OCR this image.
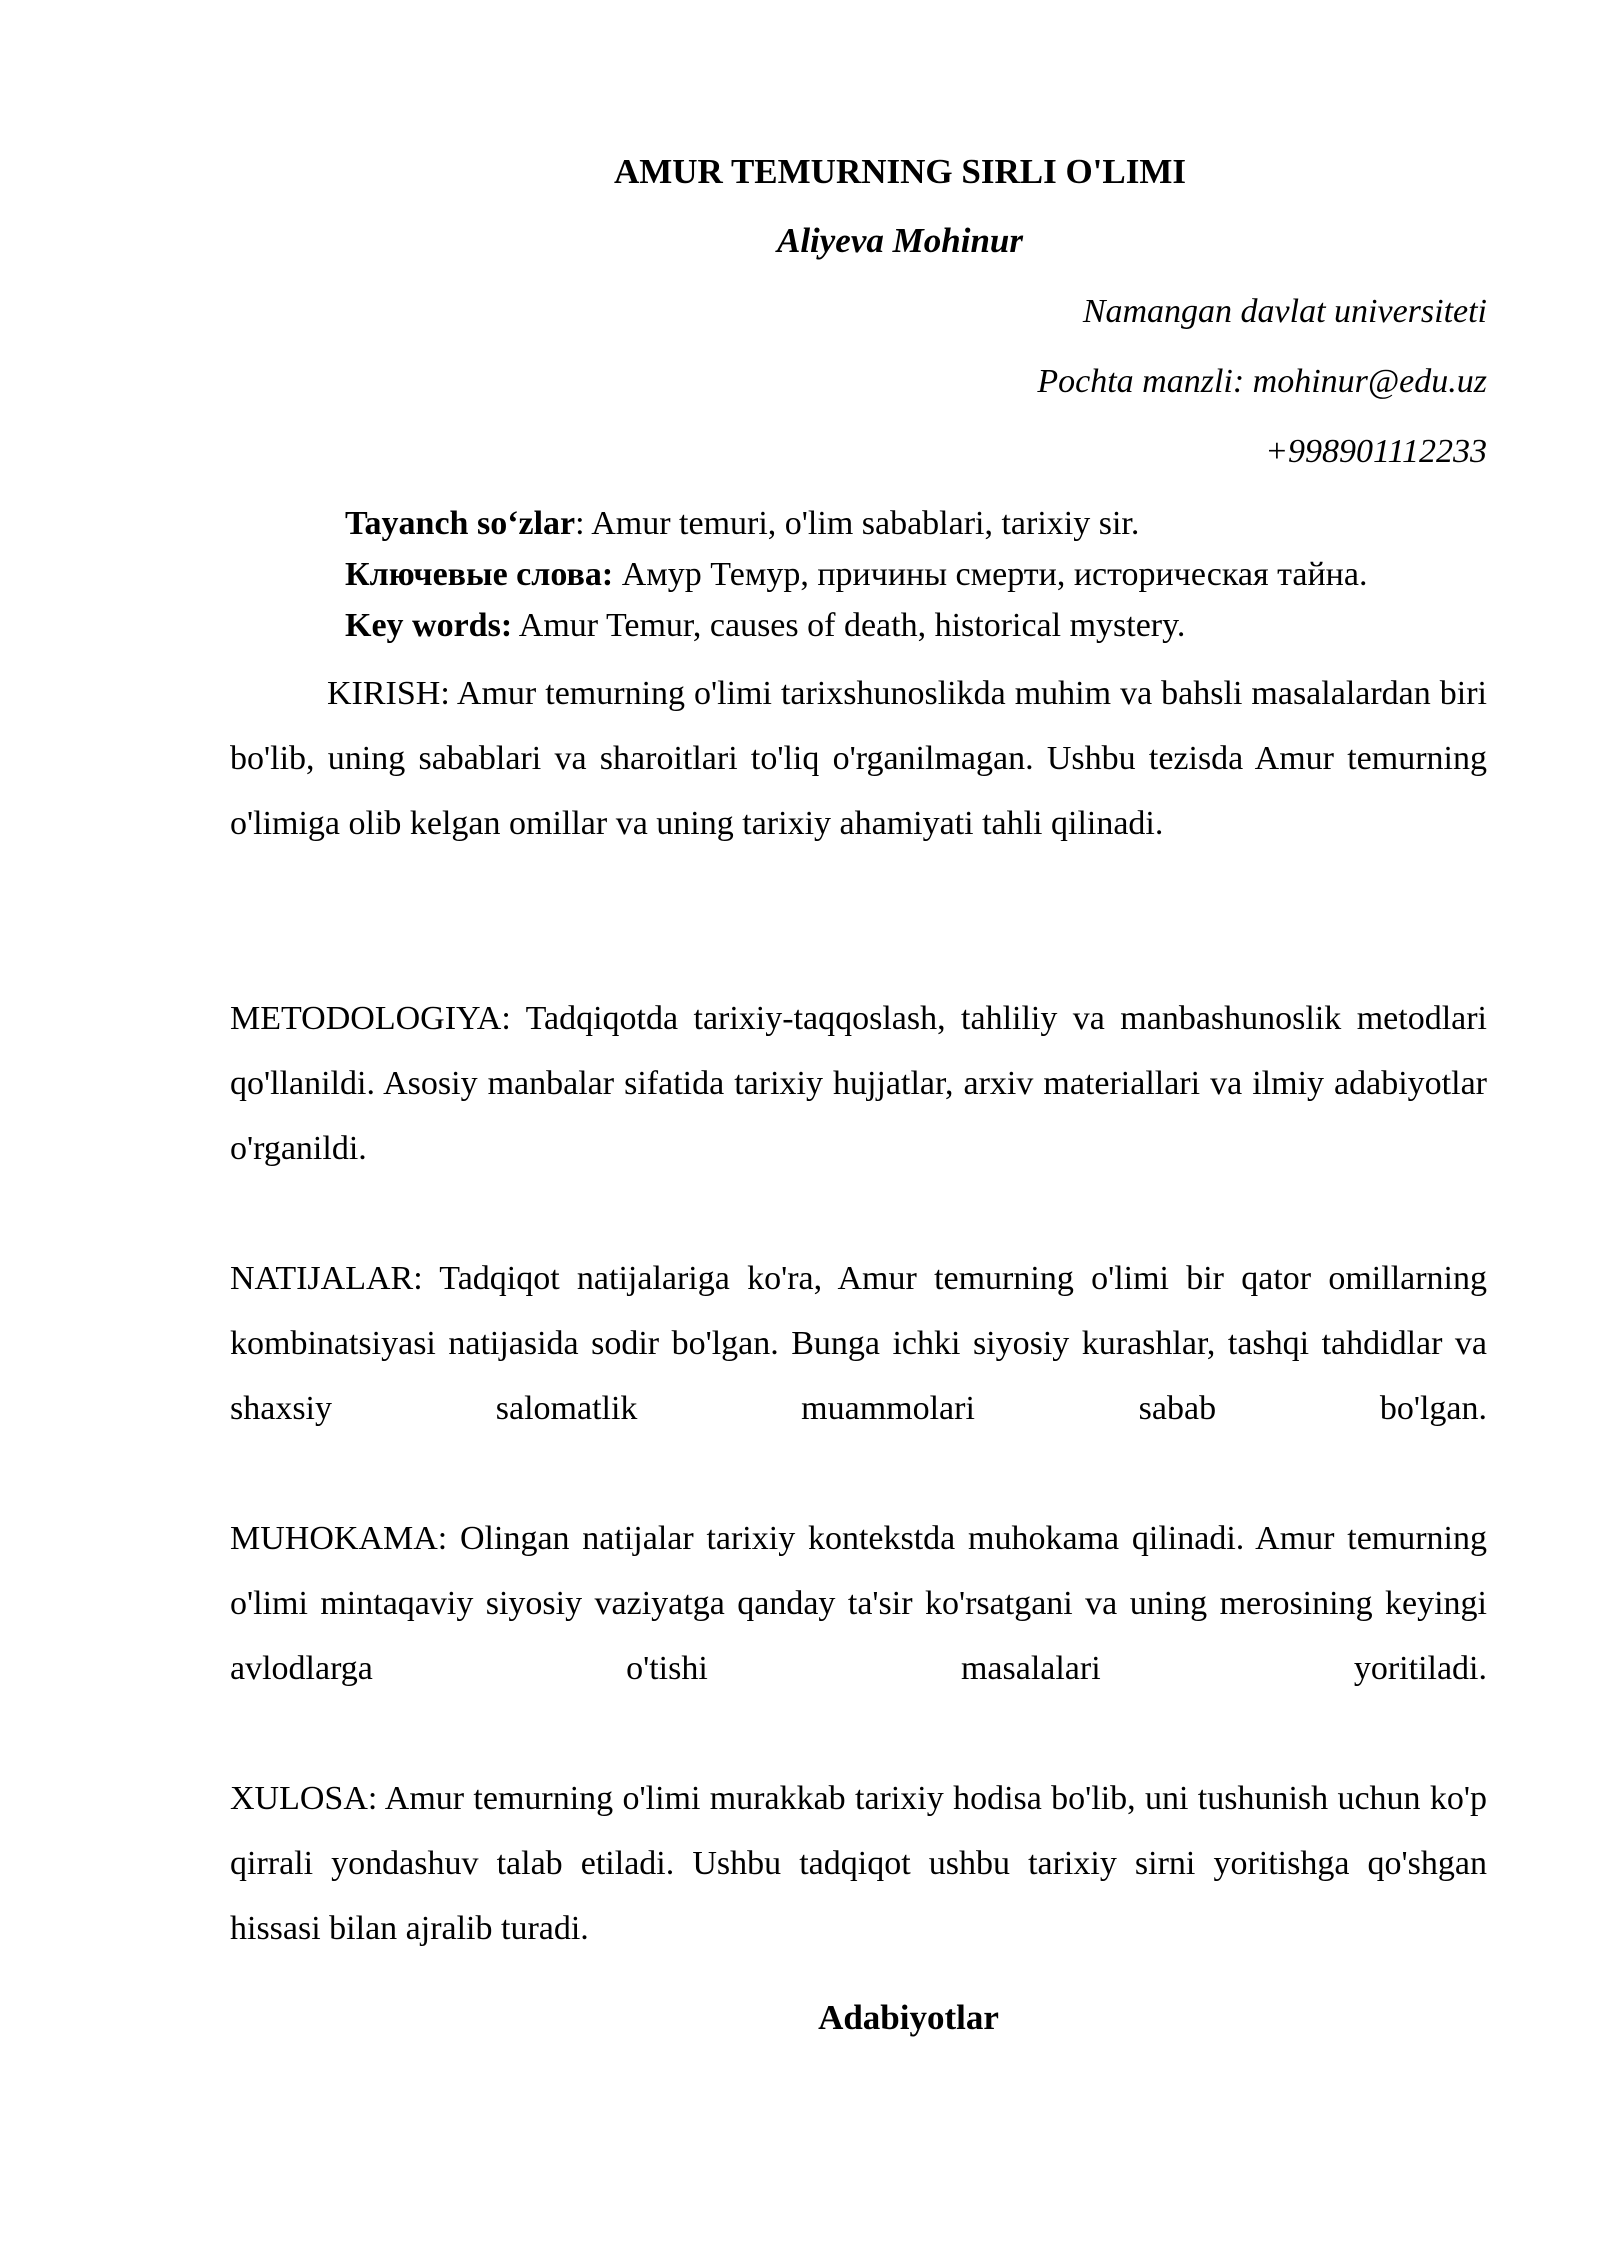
AMUR TEMURNING SIRLI O'LIMI

Aliyeva Mohinur

Namangan davlat universiteti

Pochta manzli: mohinur@edu.uz

+998901112233

Tayanch so‘zlar: Amur temuri, o'lim sabablari, tarixiy sir.

Ключевые слова: Амур Темур, причины смерти, историческая тайна.

Key words: Amur Temur, causes of death, historical mystery.

KIRISH: Amur temurning o'limi tarixshunoslikda muhim va bahsli masalalardan biri bo'lib, uning sabablari va sharoitlari to'liq o'rganilmagan. Ushbu tezisda Amur temurning o'limiga olib kelgan omillar va uning tarixiy ahamiyati tahli qilinadi.

METODOLOGIYA: Tadqiqotda tarixiy-taqqoslash, tahliliy va manbashunoslik metodlari qo'llanildi. Asosiy manbalar sifatida tarixiy hujjatlar, arxiv materiallari va ilmiy adabiyotlar o'rganildi.

NATIJALAR: Tadqiqot natijalariga ko'ra, Amur temurning o'limi bir qator omillarning kombinatsiyasi natijasida sodir bo'lgan. Bunga ichki siyosiy kurashlar, tashqi tahdidlar va shaxsiy salomatlik muammolari sabab bo'lgan.

MUHOKAMA: Olingan natijalar tarixiy kontekstda muhokama qilinadi. Amur temurning o'limi mintaqaviy siyosiy vaziyatga qanday ta'sir ko'rsatgani va uning merosining keyingi avlodlarga o'tishi masalalari yoritiladi.

XULOSA: Amur temurning o'limi murakkab tarixiy hodisa bo'lib, uni tushunish uchun ko'p qirrali yondashuv talab etiladi. Ushbu tadqiqot ushbu tarixiy sirni yoritishga qo'shgan hissasi bilan ajralib turadi.

Adabiyotlar
